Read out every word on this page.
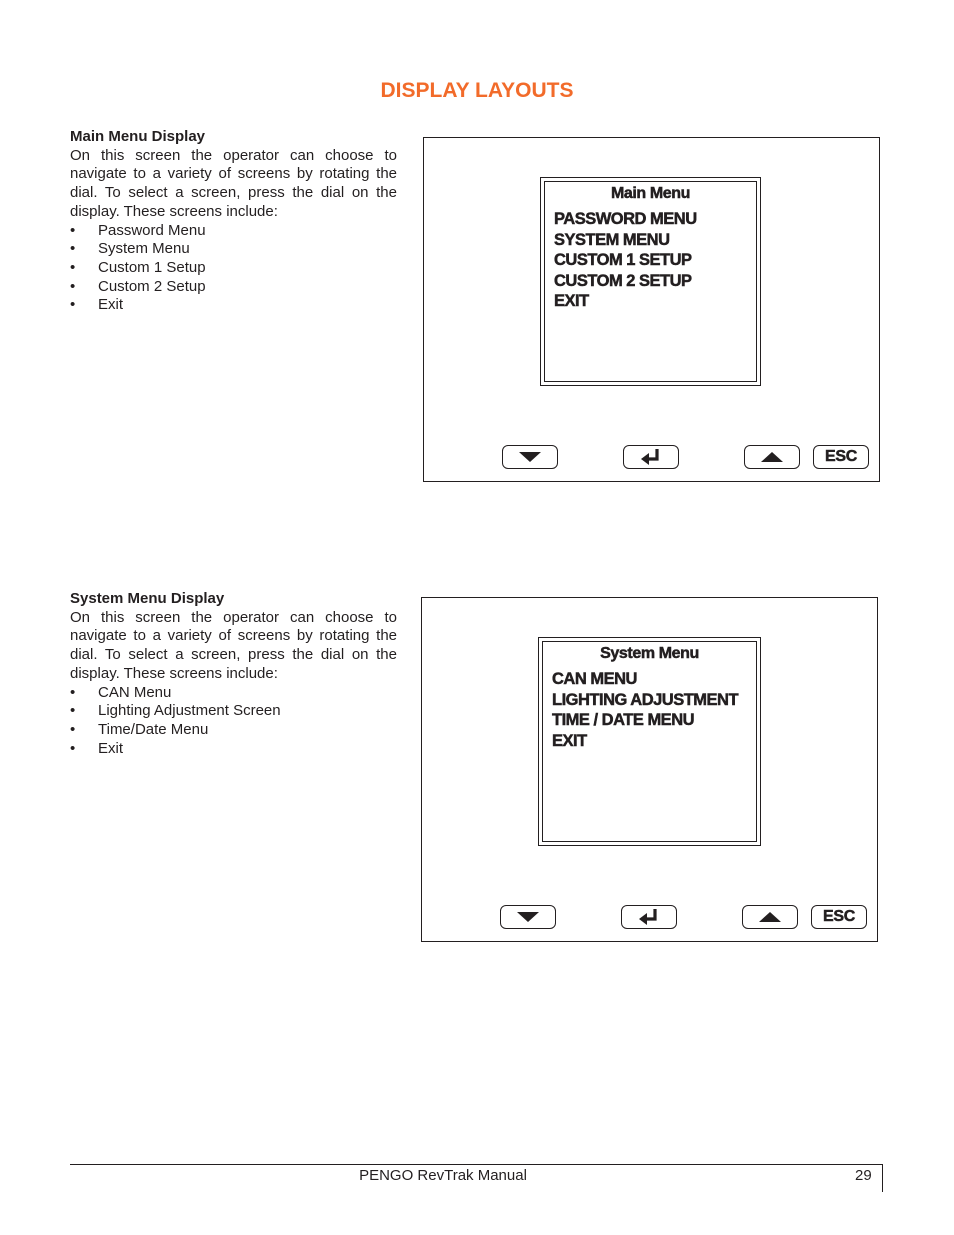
DISPLAY LAYOUTS
Main Menu Display

On this screen the operator can choose to navigate to a variety of screens by rotating the dial. To select a screen, press the dial on the display. These screens include:

• Password Menu
• System Menu
• Custom 1 Setup
• Custom 2 Setup
• Exit
Main Menu
PASSWORD MENU
SYSTEM MENU
CUSTOM 1 SETUP
CUSTOM 2 SETUP
EXIT
ESC
System Menu Display

On this screen the operator can choose to navigate to a variety of screens by rotating the dial. To select a screen, press the dial on the display. These screens include:

• CAN Menu
• Lighting Adjustment Screen
• Time/Date Menu
• Exit
System Menu
CAN MENU
LIGHTING ADJUSTMENT
TIME / DATE MENU
EXIT
ESC
PENGO RevTrak Manual	29
